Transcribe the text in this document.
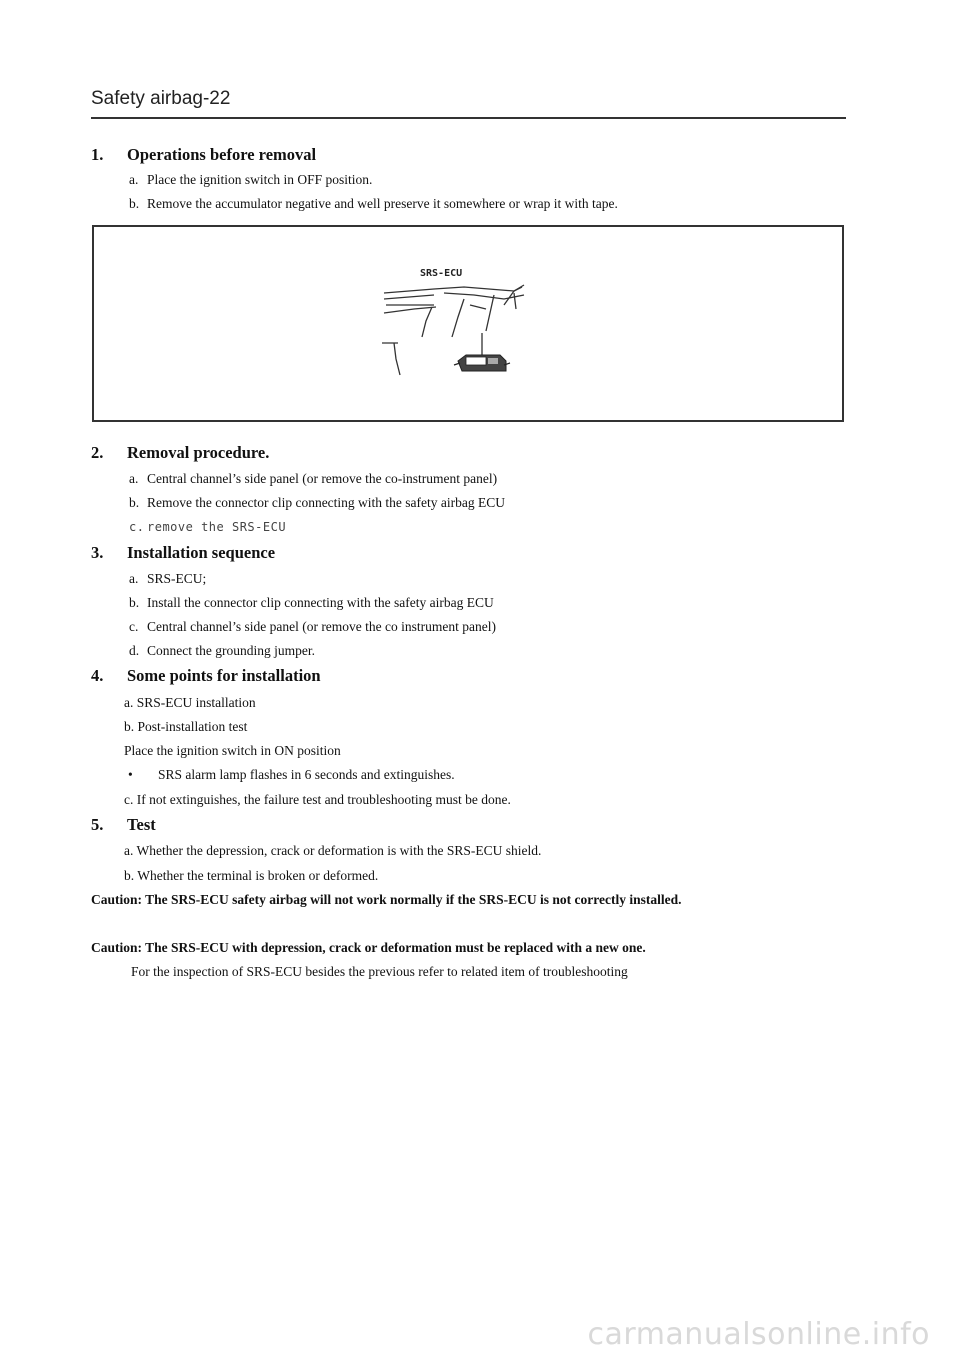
Safety airbag-22
1. Operations before removal
a. Place the ignition switch in OFF position.
b. Remove the accumulator negative and well preserve it somewhere or wrap it with tape.
SRS-ECU
2. Removal procedure.
a. Central channel’s side panel (or remove the co-instrument panel)
b. Remove the connector clip connecting with the safety airbag ECU
c. remove the SRS-ECU
3. Installation sequence
a. SRS-ECU;
b. Install the connector clip connecting with the safety airbag ECU
c. Central channel’s side panel (or remove the co instrument panel)
d. Connect the grounding jumper.
4. Some points for installation
a. SRS-ECU installation
b. Post-installation test
Place the ignition switch in ON position
• SRS alarm lamp flashes in 6 seconds and extinguishes.
c. If not extinguishes, the failure test and troubleshooting must be done.
5. Test
a. Whether the depression, crack or deformation is with the SRS-ECU shield.
b. Whether the terminal is broken or deformed.
Caution: The SRS-ECU safety airbag will not work normally if the SRS-ECU is not correctly installed.
Caution: The SRS-ECU with depression, crack or deformation must be replaced with a new one.
For the inspection of SRS-ECU besides the previous refer to related item of troubleshooting
carmanualsonline.info
